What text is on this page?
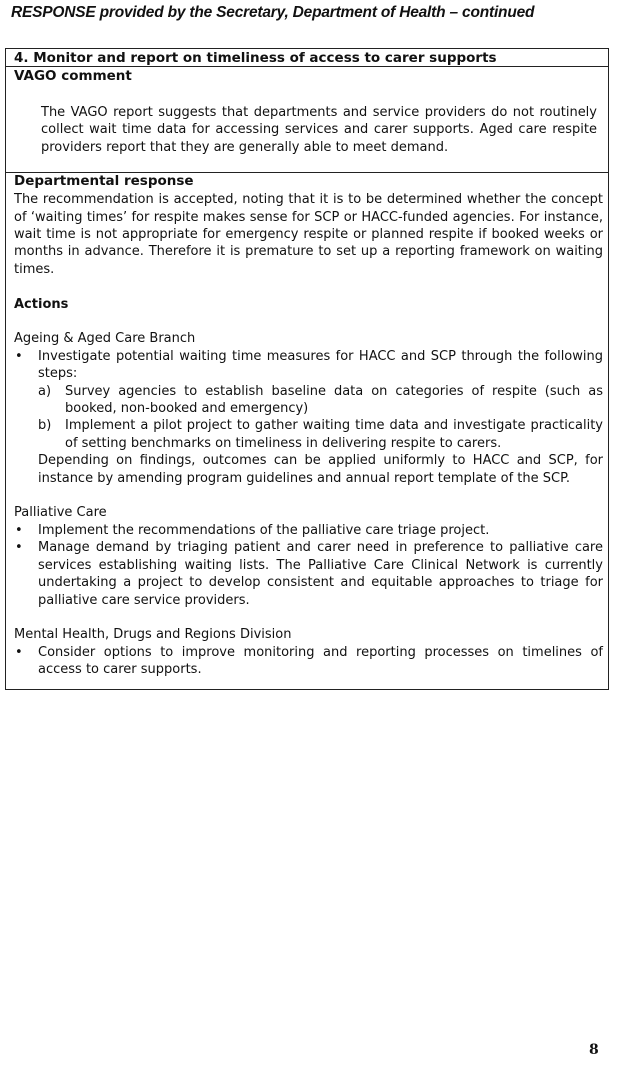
RESPONSE provided by the Secretary, Department of Health – continued
4. Monitor and report on timeliness of access to carer supports
VAGO comment
The VAGO report suggests that departments and service providers do not routinely collect wait time data for accessing services and carer supports. Aged care respite providers report that they are generally able to meet demand.
Departmental response
The recommendation is accepted, noting that it is to be determined whether the concept of ‘waiting times’ for respite makes sense for SCP or HACC-funded agencies. For instance, wait time is not appropriate for emergency respite or planned respite if booked weeks or months in advance. Therefore it is premature to set up a reporting framework on waiting times.
Actions
Ageing & Aged Care Branch
• Investigate potential waiting time measures for HACC and SCP through the following steps:
a) Survey agencies to establish baseline data on categories of respite (such as booked, non-booked and emergency)
b) Implement a pilot project to gather waiting time data and investigate practicality of setting benchmarks on timeliness in delivering respite to carers.
Depending on findings, outcomes can be applied uniformly to HACC and SCP, for instance by amending program guidelines and annual report template of the SCP.
Palliative Care
• Implement the recommendations of the palliative care triage project.
• Manage demand by triaging patient and carer need in preference to palliative care services establishing waiting lists. The Palliative Care Clinical Network is currently undertaking a project to develop consistent and equitable approaches to triage for palliative care service providers.
Mental Health, Drugs and Regions Division
• Consider options to improve monitoring and reporting processes on timelines of access to carer supports.
8
